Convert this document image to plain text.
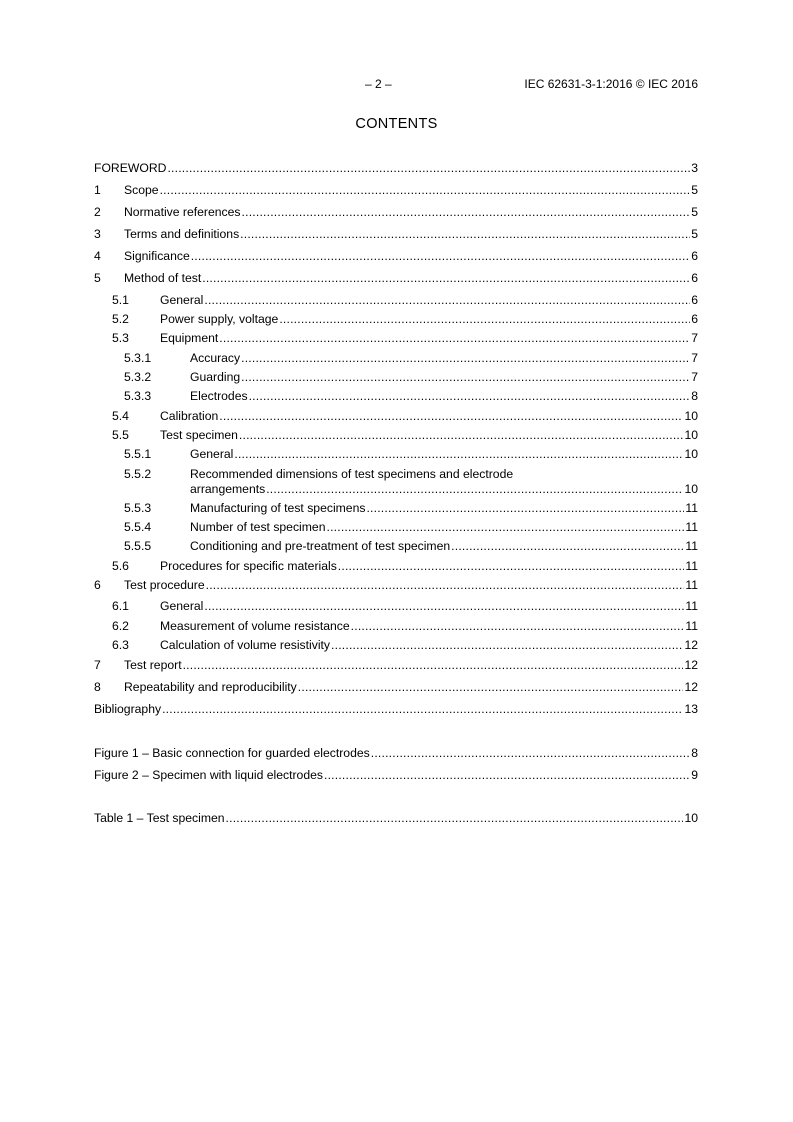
– 2 –	IEC 62631-3-1:2016 © IEC 2016
CONTENTS
FOREWORD .....	3
1	Scope .....	5
2	Normative references .....	5
3	Terms and definitions .....	5
4	Significance .....	6
5	Method of test .....	6
5.1	General .....	6
5.2	Power supply, voltage .....	6
5.3	Equipment .....	7
5.3.1	Accuracy .....	7
5.3.2	Guarding .....	7
5.3.3	Electrodes .....	8
5.4	Calibration .....	10
5.5	Test specimen .....	10
5.5.1	General .....	10
5.5.2	Recommended dimensions of test specimens and electrode
arrangements .....	10
5.5.3	Manufacturing of test specimens .....	11
5.5.4	Number of test specimen .....	11
5.5.5	Conditioning and pre-treatment of test specimen .....	11
5.6	Procedures for specific materials .....	11
6	Test procedure .....	11
6.1	General .....	11
6.2	Measurement of volume resistance .....	11
6.3	Calculation of volume resistivity .....	12
7	Test report .....	12
8	Repeatability and reproducibility .....	12
Bibliography .....	13
Figure 1 – Basic connection for guarded electrodes .....	8
Figure 2 – Specimen with liquid electrodes .....	9
Table 1 – Test specimen .....	10
